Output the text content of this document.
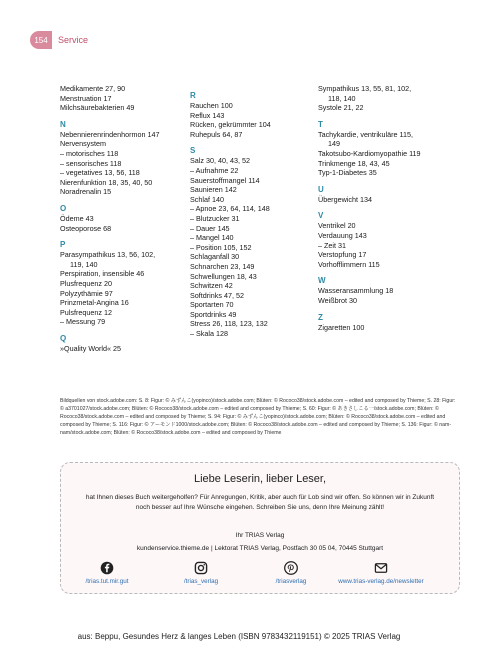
154	Service
Medikamente 27, 90
Menstruation 17
Milchsäurebakterien 49
N
Nebennierenrindenhormon 147
Nervensystem
– motorisches 118
– sensorisches 118
– vegetatives 13, 56, 118
Nierenfunktion 18, 35, 40, 50
Noradrenalin 15
O
Ödeme 43
Osteoporose 68
P
Parasympathikus 13, 56, 102,
119, 140
Perspiration, insensible 46
Plusfrequenz 20
Polyzythämie 97
Prinzmetal-Angina 16
Pulsfrequenz 12
– Messung 79
Q
»Quality World« 25
R
Rauchen 100
Reflux 143
Rücken, gekrümmter 104
Ruhepuls 64, 87
S
Salz 30, 40, 43, 52
– Aufnahme 22
Sauerstoffmangel 114
Saunieren 142
Schlaf 140
– Apnoe 23, 64, 114, 148
– Blutzucker 31
– Dauer 145
– Mangel 140
– Position 105, 152
Schlaganfall 30
Schnarchen 23, 149
Schwellungen 18, 43
Schwitzen 42
Softdrinks 47, 52
Sportarten 70
Sportdrinks 49
Stress 26, 118, 123, 132
– Skala 128
Sympathikus 13, 55, 81, 102,
118, 140
Systole 21, 22
T
Tachykardie, ventrikuläre 115,
149
Takotsubo-Kardiomyopathie 119
Trinkmenge 18, 43, 45
Typ-1-Diabetes 35
U
Übergewicht 134
V
Ventrikel 20
Verdauung 143
– Zeit 31
Verstopfung 17
Vorhofflimmern 115
W
Wasseransammlung 18
Weißbrot 30
Z
Zigaretten 100
Bildquellen von stock.adobe.com: S. 8: Figur: © みずんこ(yopinco)/stock.adobe.com; Blüten: © Rococo38/stock.adobe.com – edited and composed by Thieme; S. 28: Figur: © a3701027/stock.adobe.com; Blüten: © Rococo38/stock.adobe.com – edited and composed by Thieme; S. 60: Figur: © あきさしこる一/stock.adobe.com; Blüten: © Rococo38/stock.adobe.com – edited and composed by Thieme; S. 94: Figur: © みずんこ(yopinco)/stock.adobe.com; Blüten: © Rococo38/stock.adobe.com – edited and composed by Thieme; S. 116: Figur: © アーモンド1000/stock.adobe.com; Blüten: © Rococo38/stock.adobe.com – edited and composed by Thieme; S. 136: Figur: © nam-nam/stock.adobe.com; Blüten: © Rococo38/stock.adobe.com – edited and composed by Thieme
Liebe Leserin, lieber Leser,
hat Ihnen dieses Buch weitergeholfen? Für Anregungen, Kritik, aber auch für Lob sind wir offen. So können wir in Zukunft noch besser auf Ihre Wünsche eingehen. Schreiben Sie uns, denn Ihre Meinung zählt!
Ihr TRIAS Verlag
kundenservice.thieme.de | Lektorat TRIAS Verlag, Postfach 30 05 04, 70445 Stuttgart
/trias.tut.mir.gut	/trias_verlag	/triasverlag	www.trias-verlag.de/newsletter
aus: Beppu, Gesundes Herz & langes Leben (ISBN 9783432119151) © 2025 TRIAS Verlag
